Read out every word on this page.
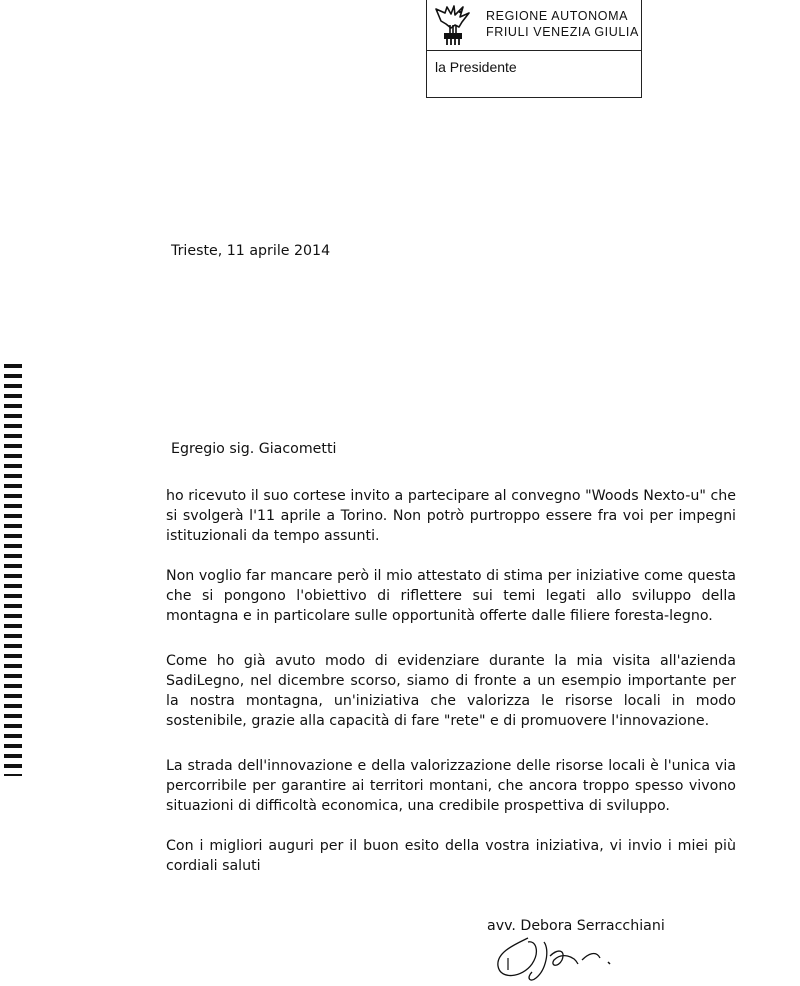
REGIONE AUTONOMA
FRIULI VENEZIA GIULIA
la Presidente
Trieste, 11 aprile 2014
Egregio sig. Giacometti
ho ricevuto il suo cortese invito a partecipare al convegno "Woods Nexto-u" che si svolgerà l'11 aprile a Torino. Non potrò purtroppo essere fra voi per impegni istituzionali da tempo assunti.
Non voglio far mancare però il mio attestato di stima per iniziative come questa che si pongono l'obiettivo di riflettere sui temi legati allo sviluppo della montagna e in particolare sulle opportunità offerte dalle filiere foresta-legno.
Come ho già avuto modo di evidenziare durante la mia visita all'azienda SadiLegno, nel dicembre scorso, siamo di fronte a un esempio importante per la nostra montagna, un'iniziativa che valorizza le risorse locali in modo sostenibile, grazie alla capacità di fare "rete" e di promuovere l'innovazione.
La strada dell'innovazione e della valorizzazione delle risorse locali è l'unica via percorribile per garantire ai territori montani, che ancora troppo spesso vivono situazioni di difficoltà economica, una credibile prospettiva di sviluppo.
Con i migliori auguri per il buon esito della vostra iniziativa, vi invio i miei più cordiali saluti
avv. Debora Serracchiani
